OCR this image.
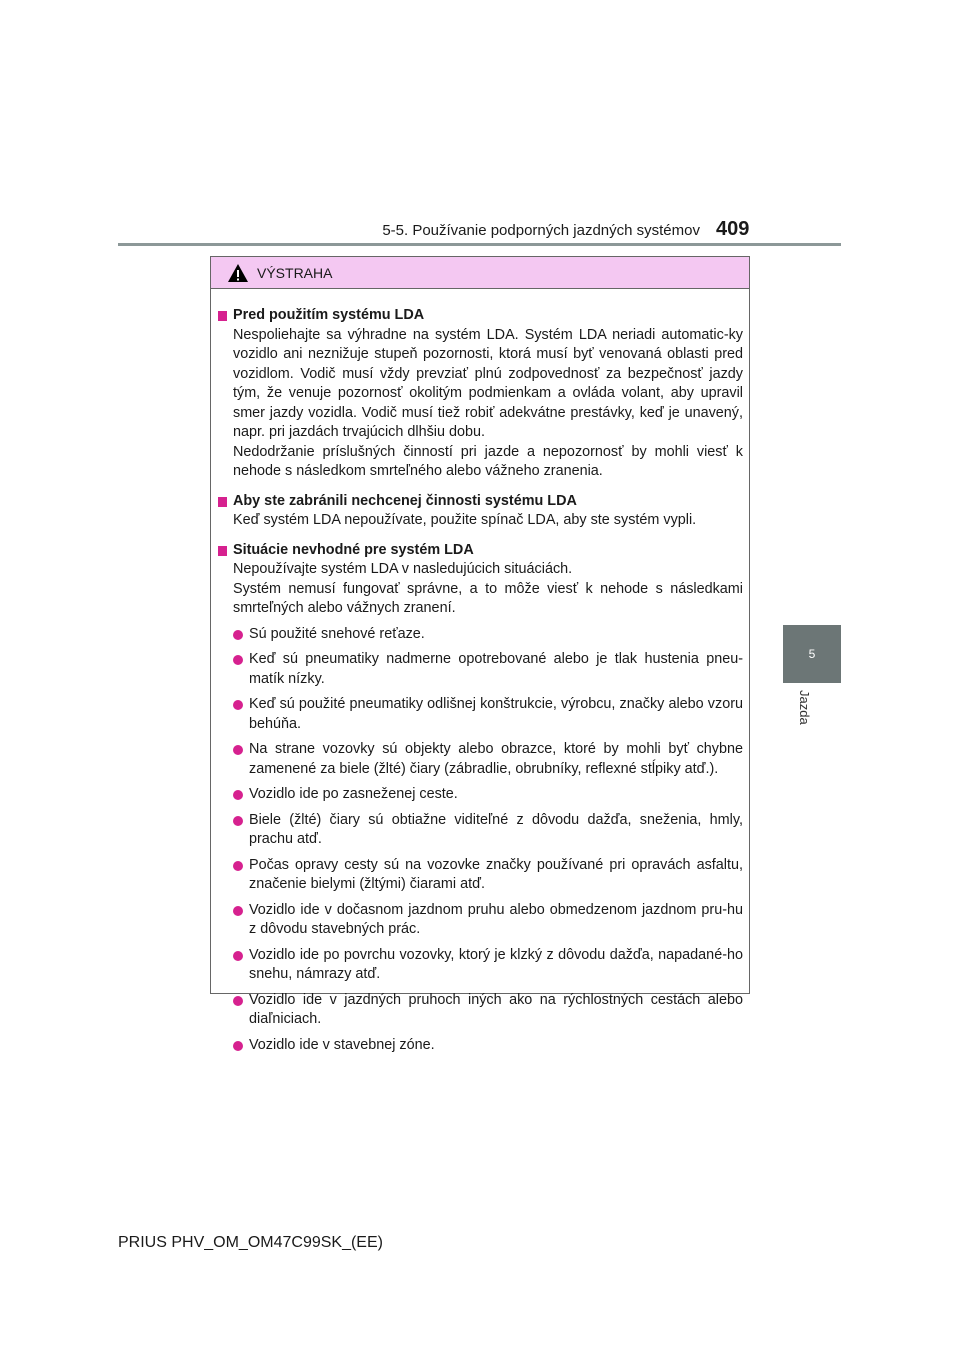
5-5. Používanie podporných jazdných systémov 409
5
Jazda
VÝSTRAHA
Pred použitím systému LDA
Nespoliehajte sa výhradne na systém LDA. Systém LDA neriadi automatic-ky vozidlo ani neznižuje stupeň pozornosti, ktorá musí byť venovaná oblasti pred vozidlom. Vodič musí vždy prevziať plnú zodpovednosť za bezpečnosť jazdy tým, že venuje pozornosť okolitým podmienkam a ovláda volant, aby upravil smer jazdy vozidla. Vodič musí tiež robiť adekvátne prestávky, keď je unavený, napr. pri jazdách trvajúcich dlhšiu dobu.
Nedodržanie príslušných činností pri jazde a nepozornosť by mohli viesť k nehode s následkom smrteľného alebo vážneho zranenia.
Aby ste zabránili nechcenej činnosti systému LDA
Keď systém LDA nepoužívate, použite spínač LDA, aby ste systém vypli.
Situácie nevhodné pre systém LDA
Nepoužívajte systém LDA v nasledujúcich situáciách.
Systém nemusí fungovať správne, a to môže viesť k nehode s následkami smrteľných alebo vážnych zranení.
Sú použité snehové reťaze.
Keď sú pneumatiky nadmerne opotrebované alebo je tlak hustenia pneu-matík nízky.
Keď sú použité pneumatiky odlišnej konštrukcie, výrobcu, značky alebo vzoru behúňa.
Na strane vozovky sú objekty alebo obrazce, ktoré by mohli byť chybne zamenené za biele (žlté) čiary (zábradlie, obrubníky, reflexné stĺpiky atď.).
Vozidlo ide po zasneženej ceste.
Biele (žlté) čiary sú obtiažne viditeľné z dôvodu dažďa, sneženia, hmly, prachu atď.
Počas opravy cesty sú na vozovke značky používané pri opravách asfaltu, značenie bielymi (žltými) čiarami atď.
Vozidlo ide v dočasnom jazdnom pruhu alebo obmedzenom jazdnom pru-hu z dôvodu stavebných prác.
Vozidlo ide po povrchu vozovky, ktorý je klzký z dôvodu dažďa, napadané-ho snehu, námrazy atď.
Vozidlo ide v jazdných pruhoch iných ako na rýchlostných cestách alebo diaľniciach.
Vozidlo ide v stavebnej zóne.
PRIUS PHV_OM_OM47C99SK_(EE)
